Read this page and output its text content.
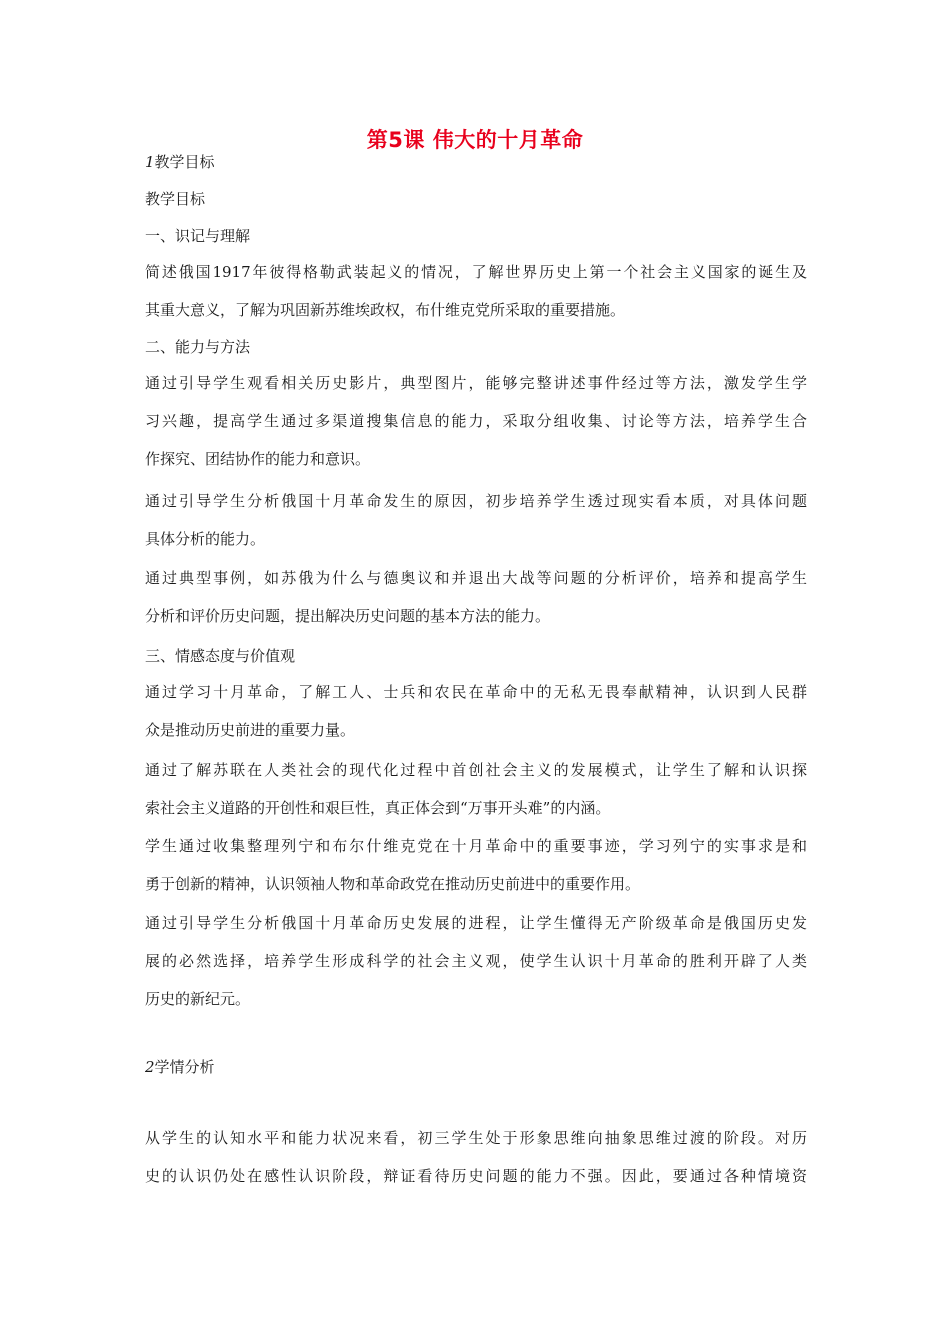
第5课 伟大的十月革命
1教学目标
教学目标
一、识记与理解
简述俄国1917年彼得格勒武装起义的情况，了解世界历史上第一个社会主义国家的诞生及
其重大意义，了解为巩固新苏维埃政权，布什维克党所采取的重要措施。
二、能力与方法
通过引导学生观看相关历史影片，典型图片，能够完整讲述事件经过等方法，激发学生学
习兴趣，提高学生通过多渠道搜集信息的能力，采取分组收集、讨论等方法，培养学生合
作探究、团结协作的能力和意识。
通过引导学生分析俄国十月革命发生的原因，初步培养学生透过现实看本质，对具体问题
具体分析的能力。
通过典型事例，如苏俄为什么与德奥议和并退出大战等问题的分析评价，培养和提高学生
分析和评价历史问题，提出解决历史问题的基本方法的能力。
三、情感态度与价值观
通过学习十月革命，了解工人、士兵和农民在革命中的无私无畏奉献精神，认识到人民群
众是推动历史前进的重要力量。
通过了解苏联在人类社会的现代化过程中首创社会主义的发展模式，让学生了解和认识探
索社会主义道路的开创性和艰巨性，真正体会到“万事开头难”的内涵。
学生通过收集整理列宁和布尔什维克党在十月革命中的重要事迹，学习列宁的实事求是和
勇于创新的精神，认识领袖人物和革命政党在推动历史前进中的重要作用。
通过引导学生分析俄国十月革命历史发展的进程，让学生懂得无产阶级革命是俄国历史发
展的必然选择，培养学生形成科学的社会主义观，使学生认识十月革命的胜利开辟了人类
历史的新纪元。
2学情分析
从学生的认知水平和能力状况来看，初三学生处于形象思维向抽象思维过渡的阶段。对历
史的认识仍处在感性认识阶段，辩证看待历史问题的能力不强。因此，要通过各种情境资
